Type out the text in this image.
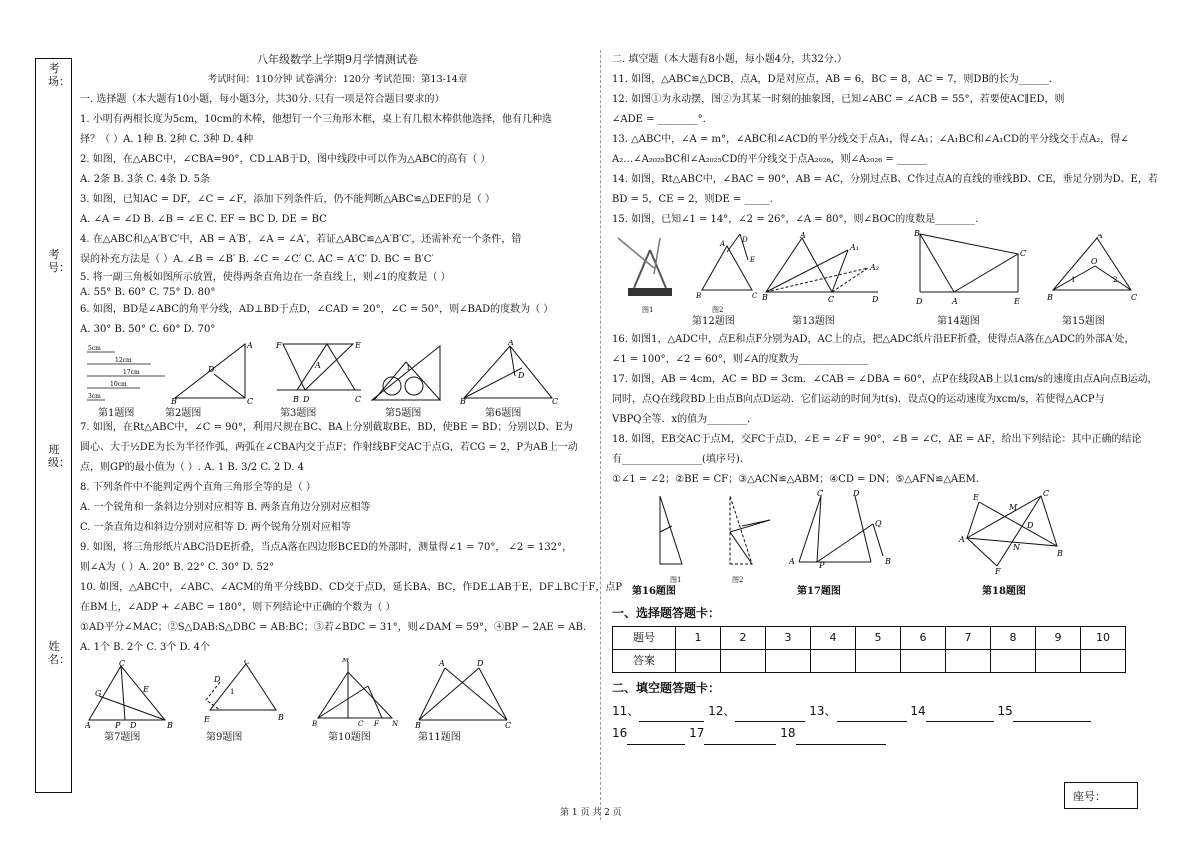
考场：
考号：
班级：
姓名：
八年级数学上学期9月学情测试卷
考试时间：110分钟 试卷满分：120分 考试范围：第13-14章
一. 选择题（本大题有10小题，每小题3分，共30分. 只有一项是符合题目要求的）
1. 小明有两根长度为5cm，10cm的木棒，他想钉一个三角形木框，桌上有几根木棒供他选择，他有几种选
择？（ ）A. 1种 B. 2种 C. 3种 D. 4种
2. 如图，在△ABC中，∠CBA=90°，CD⊥AB于D，图中线段中可以作为△ABC的高有（ ）
A. 2条 B. 3条 C. 4条 D. 5条
3. 如图，已知AC = DF，∠C = ∠F，添加下列条件后，仍不能判断△ABC≌△DEF的是（ ）
A. ∠A = ∠D B. ∠B = ∠E C. EF = BC D. DE = BC
4. 在△ABC和△A′B′C′中，AB = A′B′，∠A = ∠A′，若证△ABC≌△A′B′C′，还需补充一个条件，错
误的补充方法是（ ）A. ∠B = ∠B′ B. ∠C = ∠C′ C. AC = A′C′ D. BC = B′C′
5. 将一副三角板如图所示放置，使得两条直角边在一条直线上，则∠1的度数是（ ）
A. 55° B. 60° C. 75° D. 80°
6. 如图，BD是∠ABC的角平分线，AD⊥BD于点D，∠CAD = 20°，∠C = 50°，则∠BAD的度数为（ ）
A. 30° B. 50° C. 60° D. 70°
5cm
12cm
17cm
10cm
3cm
B	C
A
D
F	E
A
B D	C
1
A
D
B	C
第1题图	第2题图	第3题图	第5题图	第6题图
7. 如图，在Rt△ABC中，∠C = 90°，利用尺规在BC、BA上分别截取BE、BD，使BE = BD；分别以D、E为
圆心、大于½DE为长为半径作弧，两弧在∠CBA内交于点F；作射线BF交AC于点G，若CG = 2，P为AB上一动
点，则GP的最小值为（ ）. A. 1 B. 3/2 C. 2 D. 4
8. 下列条件中不能判定两个直角三角形全等的是（ ）
A. 一个锐角和一条斜边分别对应相等 B. 两条直角边分别对应相等
C. 一条直角边和斜边分别对应相等 D. 两个锐角分别对应相等
9. 如图，将三角形纸片ABC沿DE折叠，当点A落在四边形BCED的外部时，测量得∠1 = 70°， ∠2 = 132°，
则∠A为（ ）A. 20° B. 22° C. 30° D. 52°
10. 如图，△ABC中，∠ABC、∠ACM的角平分线BD、CD交于点D，延长BA、BC，作DE⊥AB于E，DF⊥BC于F，点P
在BM上，∠ADP + ∠ABC = 180°，则下列结论中正确的个数为（ ）
①AD平分∠MAC；②S△DAB:S△DBC = AB:BC；③若∠BDC = 31°，则∠DAM = 59°，④BP − 2AE = AB.
A. 1个 B. 2个 C. 3个 D. 4个
C
G	E
A	P D	B
C
D
1
E	B
M
B	C F N
A	D
B	C
第7题图	第9题图	第10题图	第11题图
二. 填空题（本大题有8小题，每小题4分，共32分.）
11. 如图，△ABC≌△DCB，点A，D是对应点，AB = 6，BC = 8，AC = 7，则DB的长为______.
12. 如图①为永动摆，图②为其某一时刻的抽象图，已知∠ABC = ∠ACB = 55°，若要使AC∥ED，则
∠ADE = ________°.
13. △ABC中，∠A = m°，∠ABC和∠ACD的平分线交于点A₁，得∠A₁；∠A₁BC和∠A₁CD的平分线交于点A₂，得∠
A₂…∠A₂₀₂₅BC和∠A₂₀₂₅CD的平分线交于点A₂₀₂₆，则∠A₂₀₂₆ = ______
14. 如图，Rt△ABC中，∠BAC = 90°，AB = AC，分别过点B、C作过点A的直线的垂线BD、CE，垂足分别为D、E，若
BD = 5，CE = 2，则DE = _____.
15. 如图，已知∠1 = 14°，∠2 = 26°，∠A = 80°，则∠BOC的度数是________.
A D
E
B	C
A
A₁
A₂
B	C	D
B
C
D	A	E
A
O
1	2
B	C
图1	图2
第12题图	第13题图	第14题图	第15题图
16. 如图1，△ADC中，点E和点F分别为AD，AC上的点，把△ADC纸片沿EF折叠，使得点A落在△ADC的外部A′处，
∠1 = 100°，∠2 = 60°，则∠A的度数为______________
17. 如图，AB = 4cm，AC = BD = 3cm．∠CAB = ∠DBA = 60°，点P在线段AB上以1cm/s的速度由点A向点B运动，
同时，点Q在线段BD上由点B向点D运动．它们运动的时间为t(s)．设点Q的运动速度为xcm/s，若使得△ACP与
VBPQ全等．x的值为________．
18. 如图，EB交AC于点M，交FC于点D，∠E = ∠F = 90°，∠B = ∠C，AE = AF，给出下列结论：其中正确的结论
有________________(填序号).
①∠1 = ∠2；②BE = CF；③△ACN≌△ABM；④CD = DN；⑤△AFN≌△AEM.
图1	图2
C	D
Q
A	P	B
E
M
C
A
D
N
B
F
第16题图	第17题图	第18题图
一、选择题答题卡：
题号	1	2	3	4	5	6	7	8	9	10
答案										
二、填空题答题卡：
11、	12、	13、	14	15
16	17	18
座号：
第 1 页 共 2 页
